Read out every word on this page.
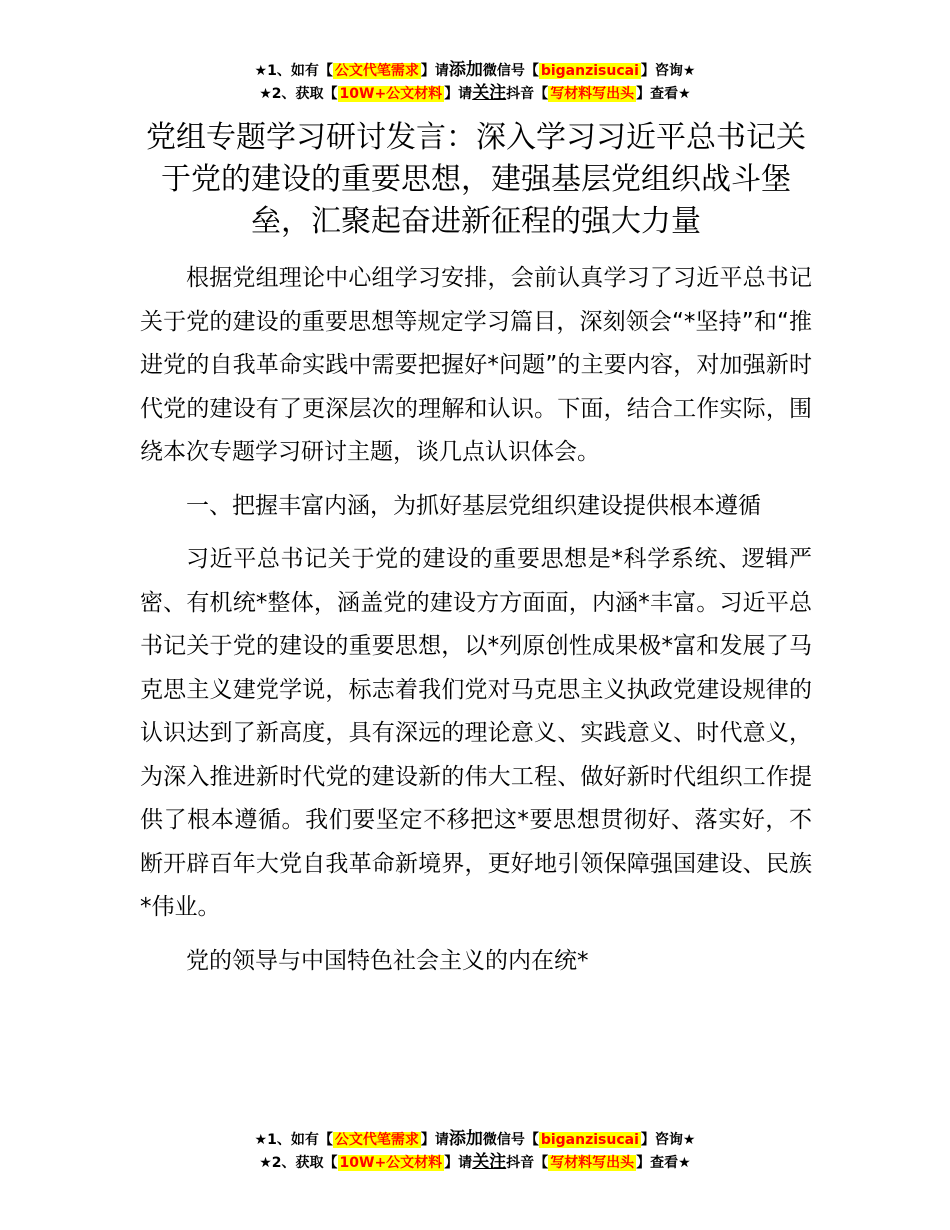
★1、如有【 公文代笔需求 】请添加微信号【 biganzisucai 】咨询★
★2、获取【 10W+公文材料 】请关注抖音【 写材料写出头 】查看★
党组专题学习研讨发言：深入学习习近平总书记关于党的建设的重要思想，建强基层党组织战斗堡垒，汇聚起奋进新征程的强大力量

根据党组理论中心组学习安排，会前认真学习了习近平总书记关于党的建设的重要思想等规定学习篇目，深刻领会“*坚持”和“推进党的自我革命实践中需要把握好*问题”的主要内容，对加强新时代党的建设有了更深层次的理解和认识。下面，结合工作实际，围绕本次专题学习研讨主题，谈几点认识体会。

一、把握丰富内涵，为抓好基层党组织建设提供根本遵循

习近平总书记关于党的建设的重要思想是*科学系统、逻辑严密、有机统*整体，涵盖党的建设方方面面，内涵*丰富。习近平总书记关于党的建设的重要思想，以*列原创性成果极*富和发展了马克思主义建党学说，标志着我们党对马克思主义执政党建设规律的认识达到了新高度，具有深远的理论意义、实践意义、时代意义，为深入推进新时代党的建设新的伟大工程、做好新时代组织工作提供了根本遵循。我们要坚定不移把这*要思想贯彻好、落实好，不断开辟百年大党自我革命新境界，更好地引领保障强国建设、民族*伟业。

党的领导与中国特色社会主义的内在统*

★1、如有【 公文代笔需求 】请添加微信号【 biganzisucai 】咨询★
★2、获取【 10W+公文材料 】请关注抖音【 写材料写出头 】查看★
